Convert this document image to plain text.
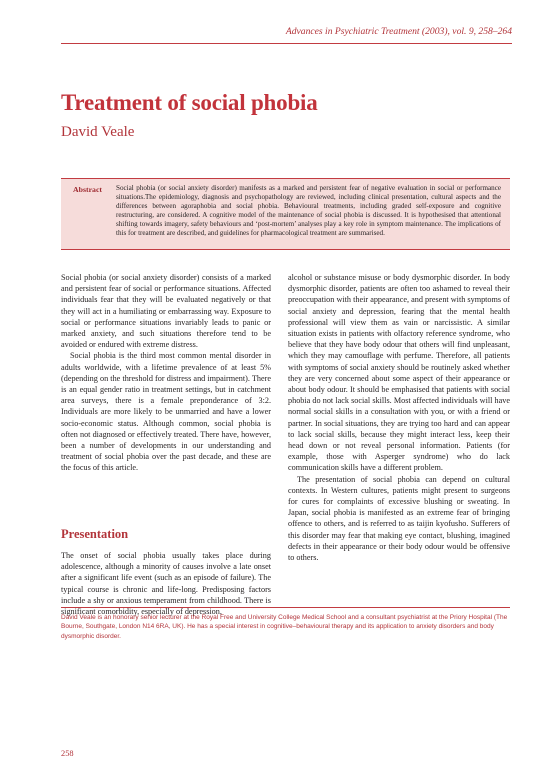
Advances in Psychiatric Treatment (2003), vol. 9, 258–264
Treatment of social phobia
David Veale
Abstract Social phobia (or social anxiety disorder) manifests as a marked and persistent fear of negative evaluation in social or performance situations.The epidemiology, diagnosis and psychopathology are reviewed, including clinical presentation, cultural aspects and the differences between agoraphobia and social phobia. Behavioural treatments, including graded self-exposure and cognitive restructuring, are considered. A cognitive model of the maintenance of social phobia is discussed. It is hypothesised that attentional shifting towards imagery, safety behaviours and ‘post-mortem’ analyses play a key role in symptom maintenance. The implications of this for treatment are described, and guidelines for pharmacological treatment are summarised.

Social phobia (or social anxiety disorder) consists of a marked and persistent fear of social or performance situations. Affected individuals fear that they will be evaluated negatively or that they will act in a humiliating or embarrassing way. Exposure to social or performance situations invariably leads to panic or marked anxiety, and such situations therefore tend to be avoided or endured with extreme distress.

Social phobia is the third most common mental disorder in adults worldwide, with a lifetime prevalence of at least 5% (depending on the threshold for distress and impairment). There is an equal gender ratio in treatment settings, but in catchment area surveys, there is a female preponderance of 3:2. Individuals are more likely to be unmarried and have a lower socio-economic status. Although common, social phobia is often not diagnosed or effectively treated. There have, however, been a number of developments in our understanding and treatment of social phobia over the past decade, and these are the focus of this article.

Presentation

The onset of social phobia usually takes place during adolescence, although a minority of causes involve a late onset after a significant life event (such as an episode of failure). The typical course is chronic and life-long. Predisposing factors include a shy or anxious temperament from childhood. There is significant comorbidity, especially of depression,

alcohol or substance misuse or body dysmorphic disorder. In body dysmorphic disorder, patients are often too ashamed to reveal their preoccupation with their appearance, and present with symptoms of social anxiety and depression, fearing that the mental health professional will view them as vain or narcissistic. A similar situation exists in patients with olfactory reference syndrome, who believe that they have body odour that others will find unpleasant, which they may camouflage with perfume. Therefore, all patients with symptoms of social anxiety should be routinely asked whether they are very concerned about some aspect of their appearance or about body odour. It should be emphasised that patients with social phobia do not lack social skills. Most affected individuals will have normal social skills in a consultation with you, or with a friend or partner. In social situations, they are trying too hard and can appear to lack social skills, because they might interact less, keep their head down or not reveal personal information. Patients (for example, those with Asperger syndrome) who do lack communication skills have a different problem.

The presentation of social phobia can depend on cultural contexts. In Western cultures, patients might present to surgeons for cures for complaints of excessive blushing or sweating. In Japan, social phobia is manifested as an extreme fear of bringing offence to others, and is referred to as taijin kyofusho. Sufferers of this disorder may fear that making eye contact, blushing, imagined defects in their appearance or their body odour would be offensive to others.

David Veale is an honorary senior lecturer at the Royal Free and University College Medical School and a consultant psychiatrist at the Priory Hospital (The Bourne, Southgate, London N14 6RA, UK). He has a special interest in cognitive–behavioural therapy and its application to anxiety disorders and body dysmorphic disorder.
258
